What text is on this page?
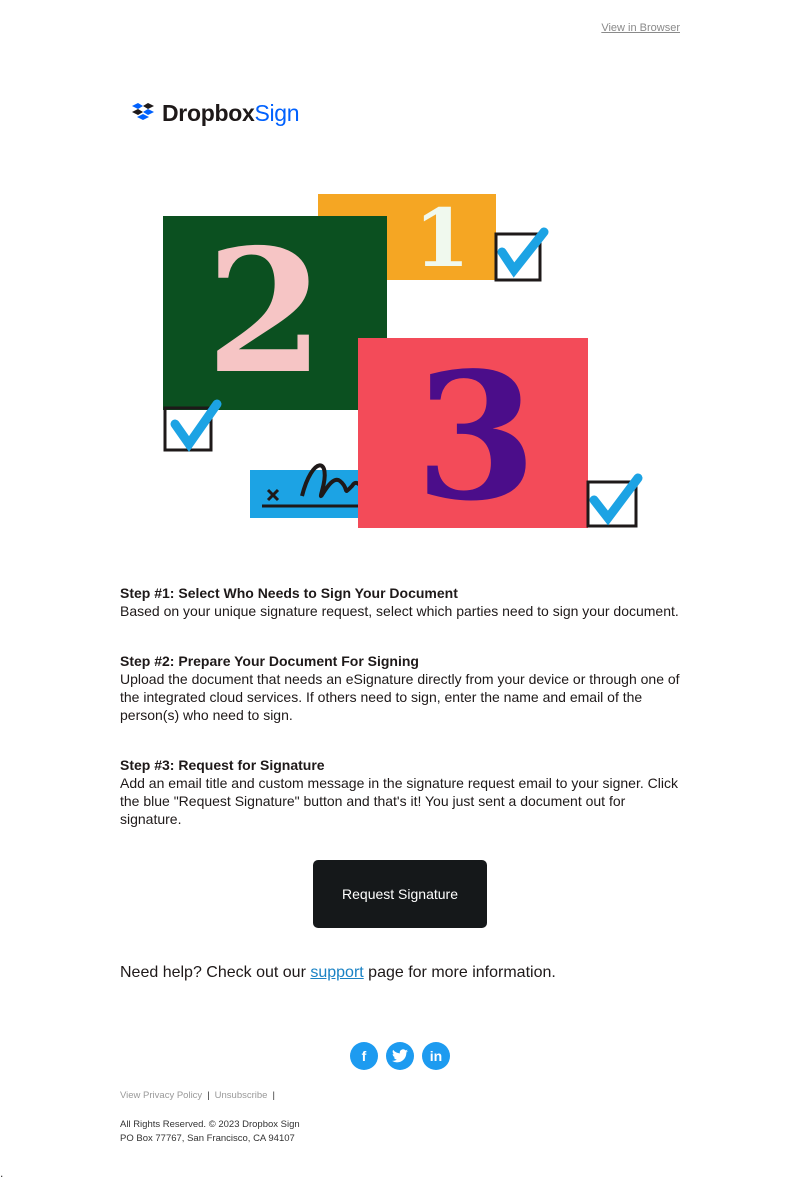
View in Browser
DropboxSign
1
2
3
Step #1: Select Who Needs to Sign Your Document
Based on your unique signature request, select which parties need to sign your document.
Step #2: Prepare Your Document For Signing
Upload the document that needs an eSignature directly from your device or through one of the integrated cloud services. If others need to sign, enter the name and email of the person(s) who need to sign.
Step #3: Request for Signature
Add an email title and custom message in the signature request email to your signer. Click the blue "Request Signature" button and that's it! You just sent a document out for signature.
Request Signature
Need help? Check out our support page for more information.
f	in
View Privacy Policy | Unsubscribe |
All Rights Reserved. © 2023 Dropbox Sign
PO Box 77767, San Francisco, CA 94107
.
